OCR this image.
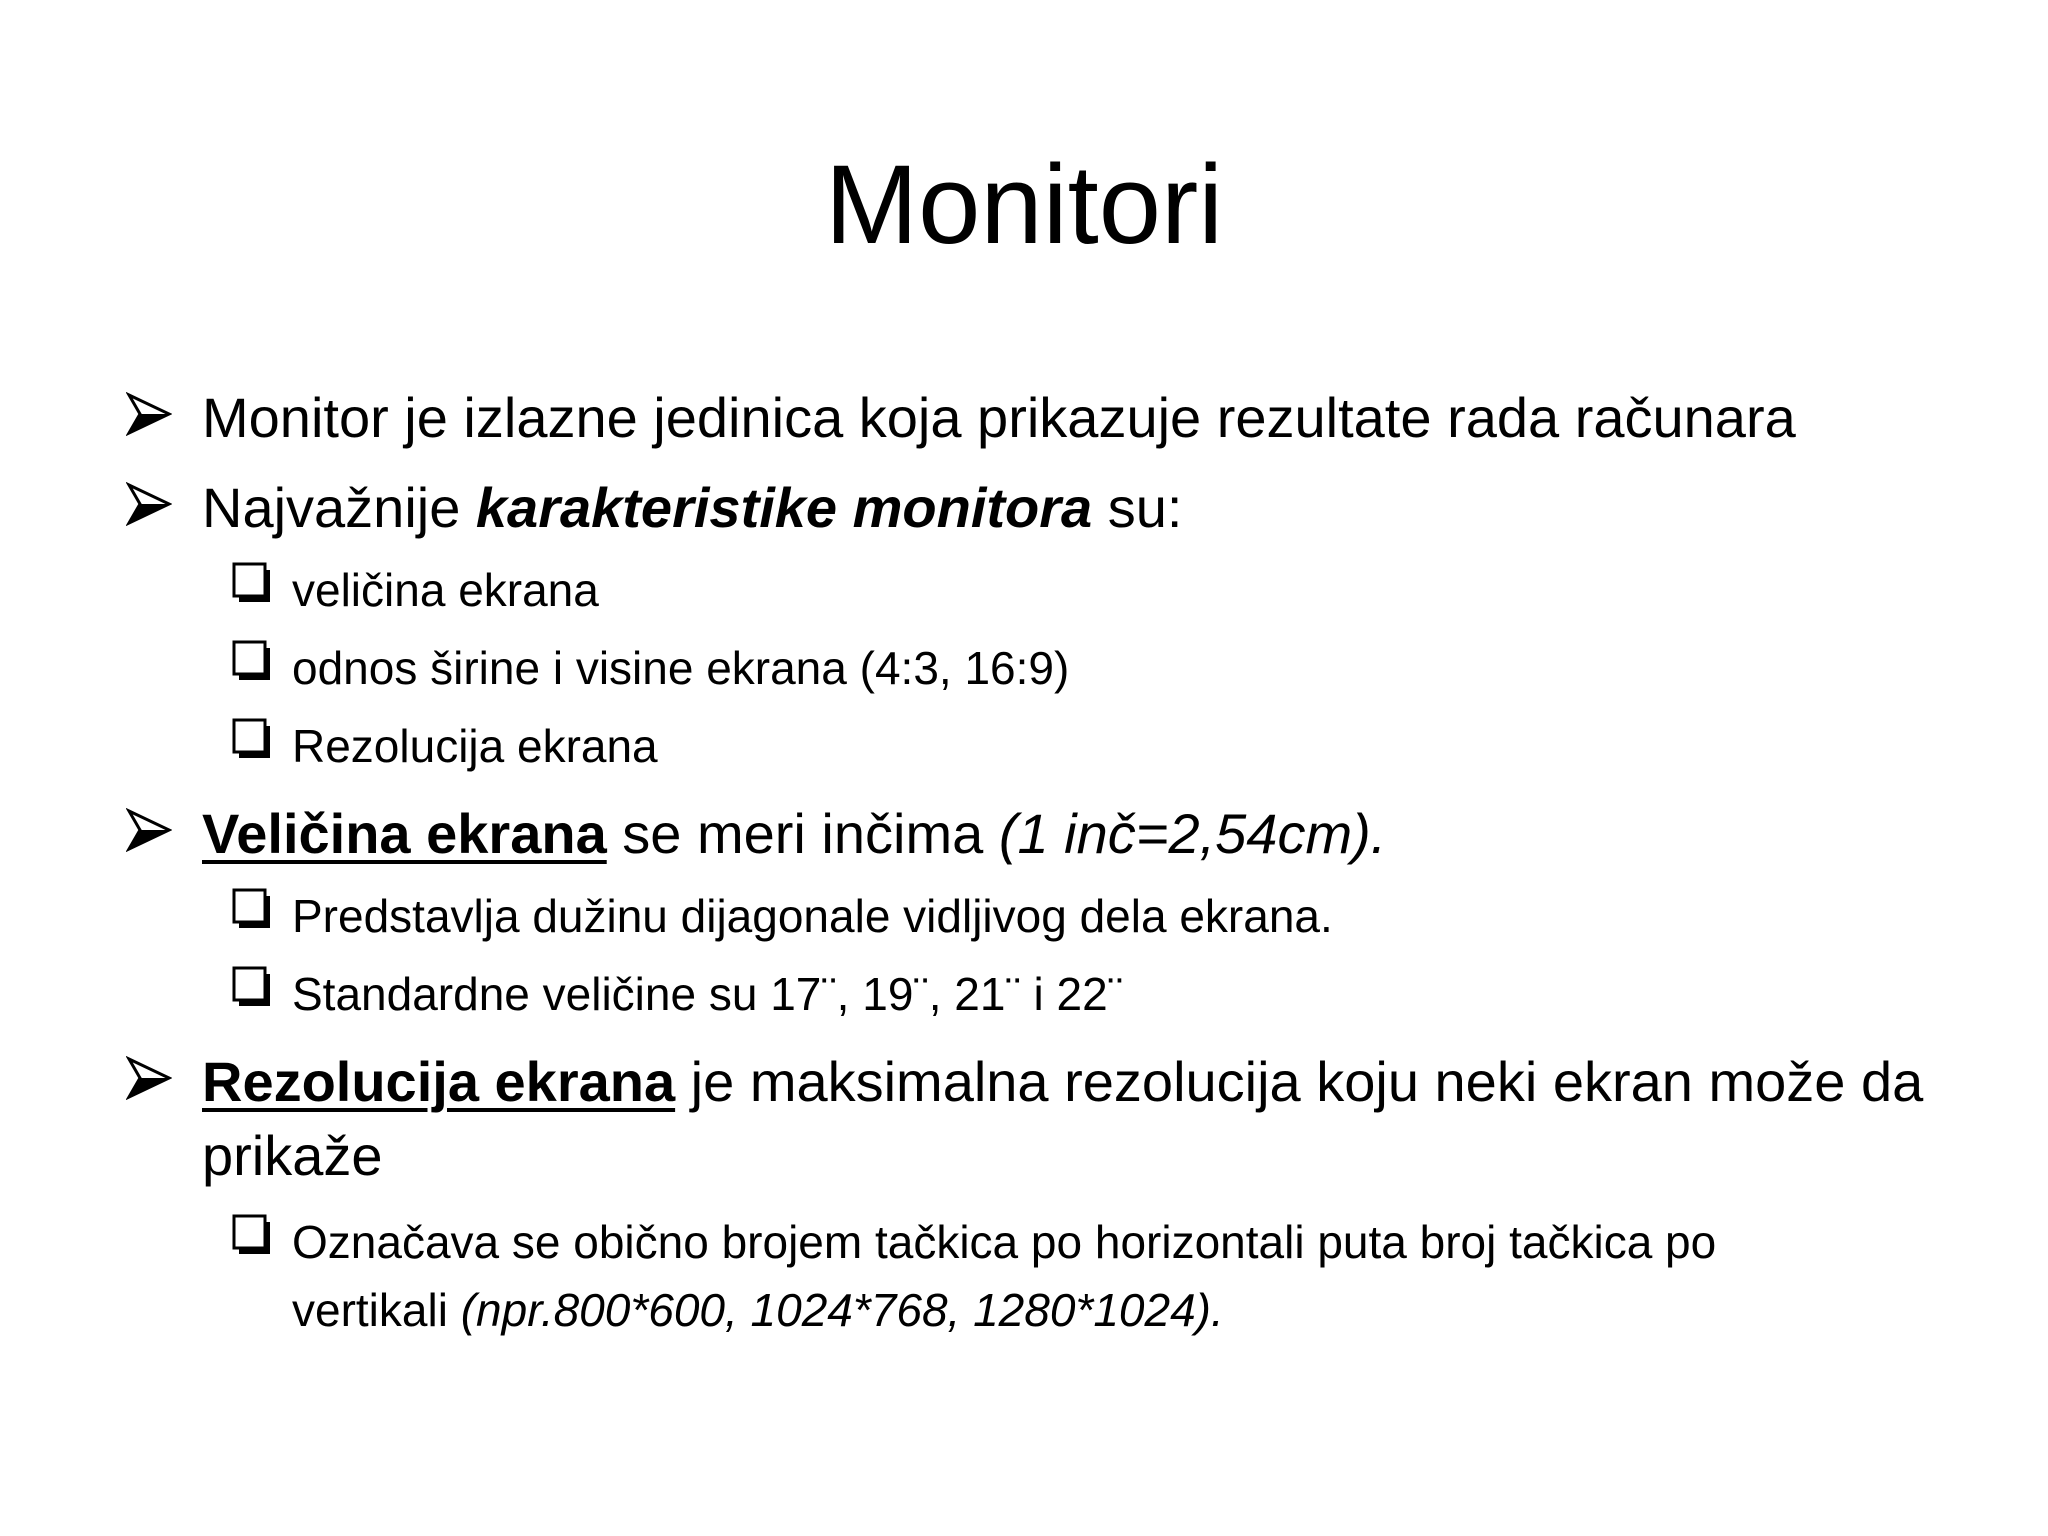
Monitori
Monitor je izlazne jedinica koja prikazuje rezultate rada računara
Najvažnije karakteristike monitora su:
veličina ekrana
odnos širine i visine ekrana (4:3, 16:9)
Rezolucija ekrana
Veličina ekrana se meri inčima (1 inč=2,54cm).
Predstavlja dužinu dijagonale vidljivog dela ekrana.
Standardne veličine su 17¨, 19¨, 21¨ i 22¨
Rezolucija ekrana je maksimalna rezolucija koju neki ekran može da
prikaže
Označava se obično brojem tačkica po horizontali puta broj tačkica po
vertikali (npr.800*600, 1024*768, 1280*1024).
